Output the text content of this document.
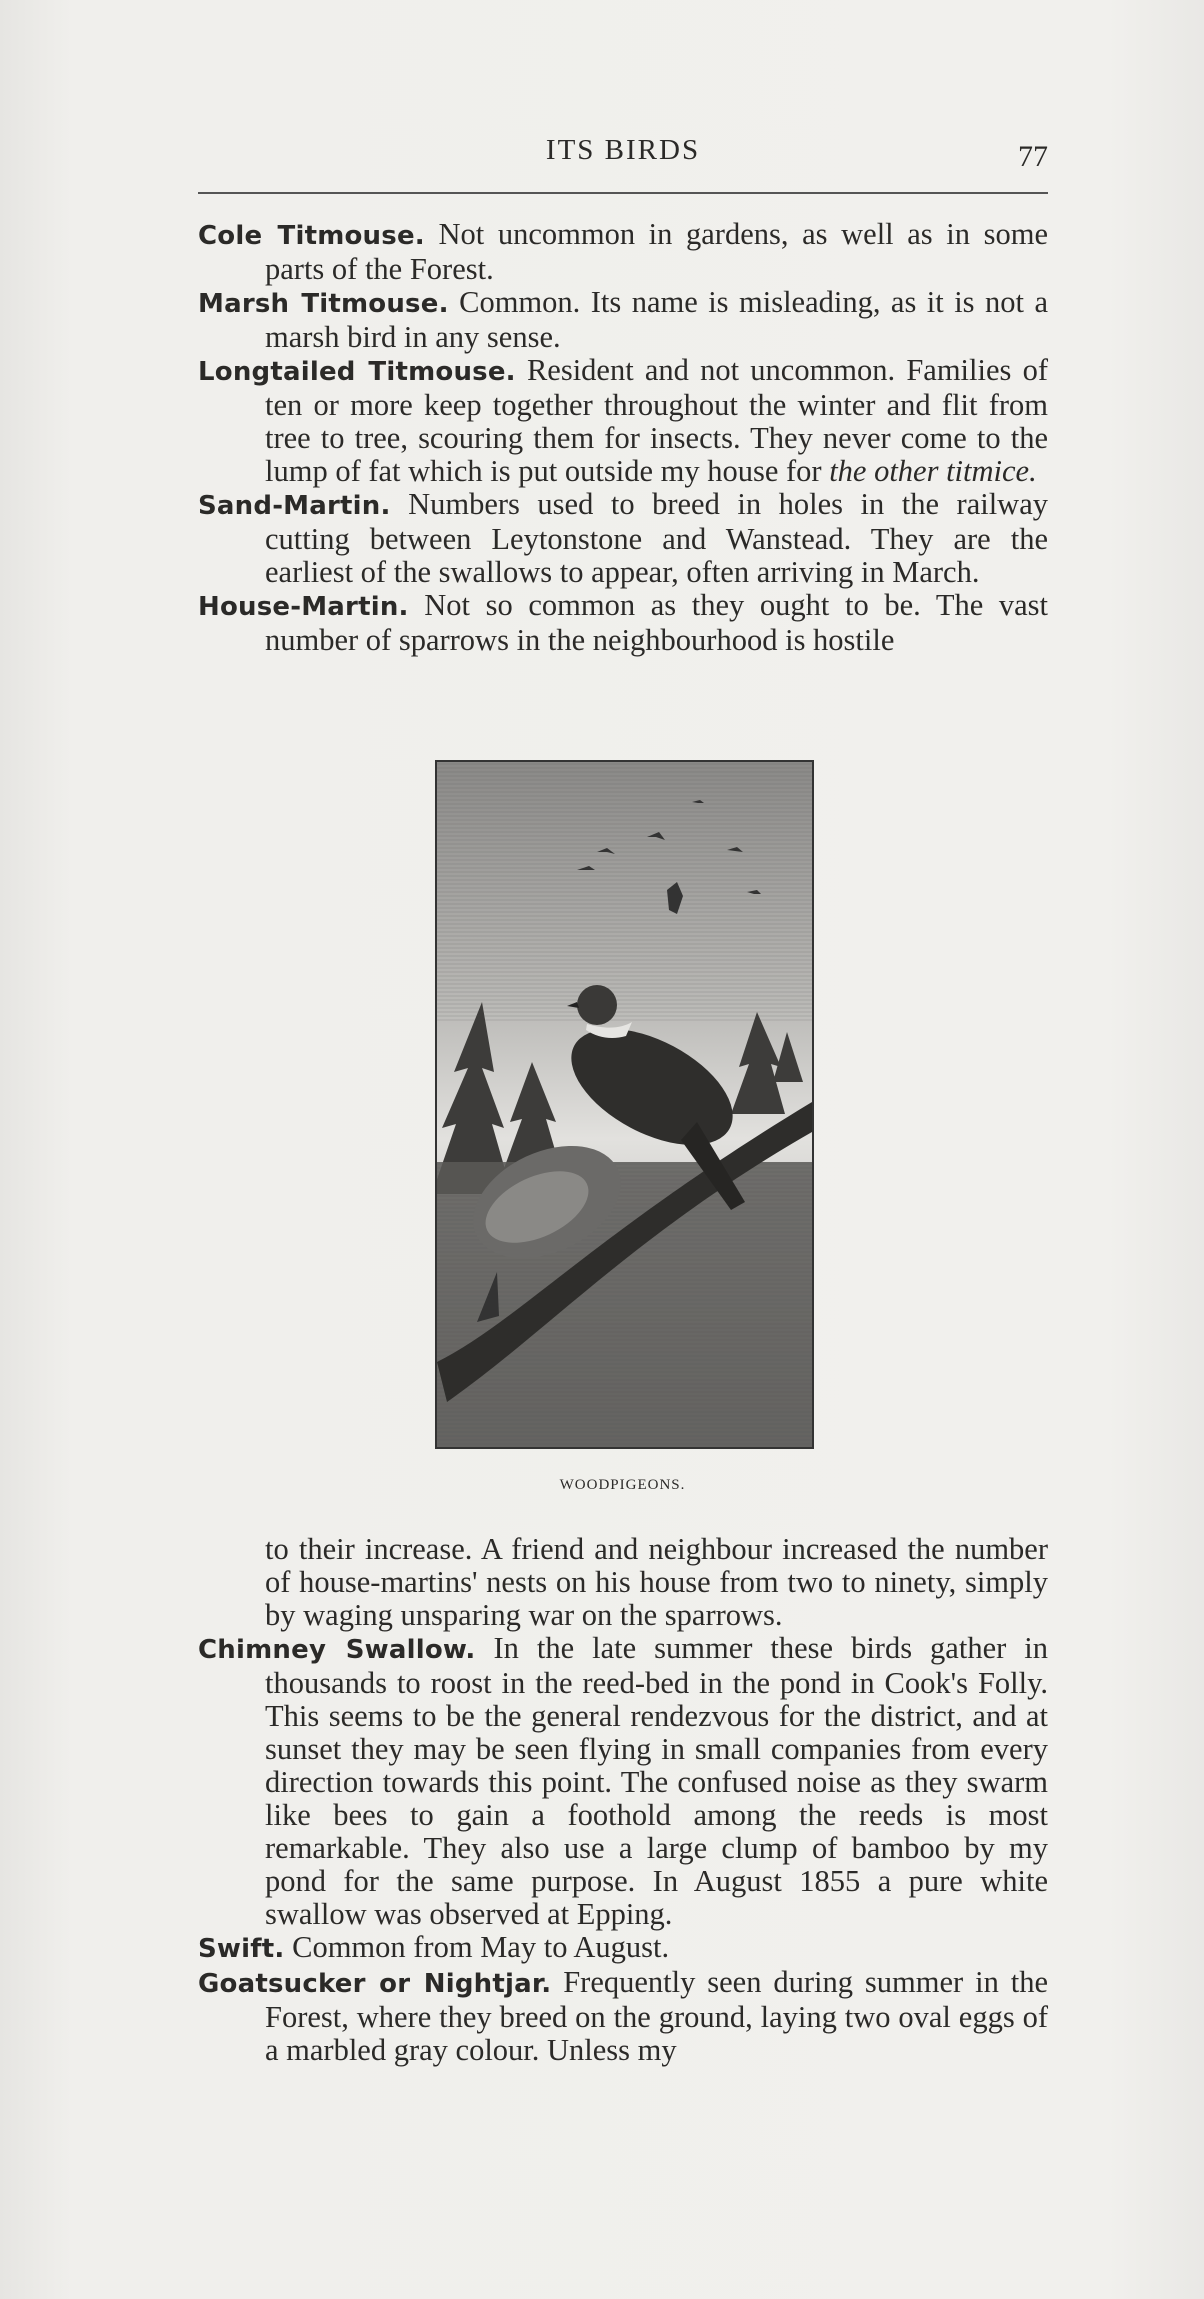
ITS BIRDS	77

Cole Titmouse. Not uncommon in gardens, as well as in some parts of the Forest.

Marsh Titmouse. Common. Its name is misleading, as it is not a marsh bird in any sense.

Longtailed Titmouse. Resident and not uncommon. Families of ten or more keep together throughout the winter and flit from tree to tree, scouring them for insects. They never come to the lump of fat which is put outside my house for the other titmice.

Sand-Martin. Numbers used to breed in holes in the railway cutting between Leytonstone and Wanstead. They are the earliest of the swallows to appear, often arriving in March.

House-Martin. Not so common as they ought to be. The vast number of sparrows in the neighbourhood is hostile

WOODPIGEONS.

to their increase. A friend and neighbour increased the number of house-martins' nests on his house from two to ninety, simply by waging unsparing war on the sparrows.

Chimney Swallow. In the late summer these birds gather in thousands to roost in the reed-bed in the pond in Cook's Folly. This seems to be the general rendezvous for the district, and at sunset they may be seen flying in small companies from every direction towards this point. The confused noise as they swarm like bees to gain a foothold among the reeds is most remarkable. They also use a large clump of bamboo by my pond for the same purpose. In August 1855 a pure white swallow was observed at Epping.

Swift. Common from May to August.

Goatsucker or Nightjar. Frequently seen during summer in the Forest, where they breed on the ground, laying two oval eggs of a marbled gray colour. Unless my
